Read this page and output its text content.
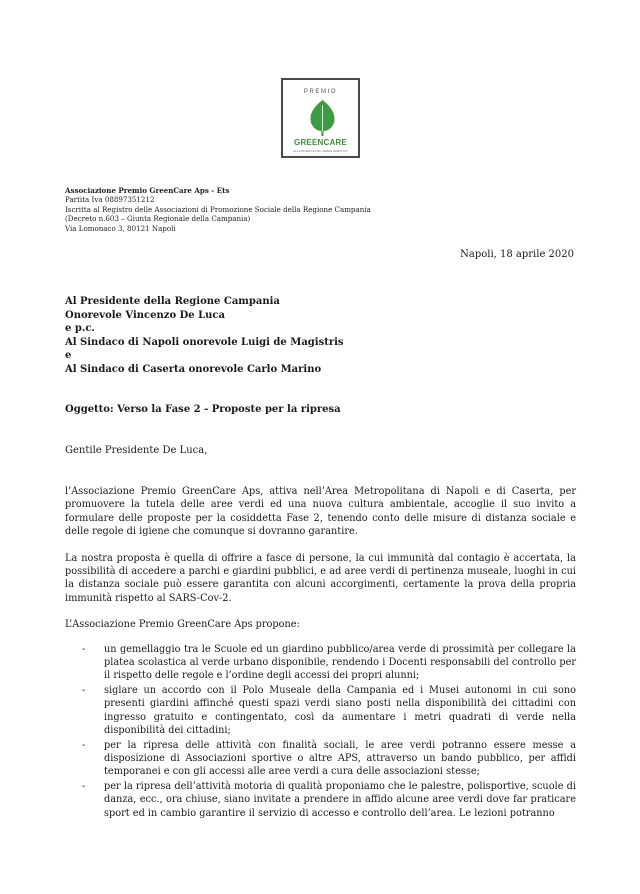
PREMIO
GREENCARE
ALLA RICERCA DEL VERDE PERDUTO
Associazione Premio GreenCare Aps - Ets
Partita Iva 08897351212
Iscritta al Registro delle Associazioni di Promozione Sociale della Regione Campania
(Decreto n.603 – Giunta Regionale della Campania)
Via Lomonaco 3, 80121 Napoli
Napoli, 18 aprile 2020
Al Presidente della Regione Campania
Onorevole Vincenzo De Luca
e p.c.
Al Sindaco di Napoli onorevole Luigi de Magistris
e
Al Sindaco di Caserta onorevole Carlo Marino
Oggetto: Verso la Fase 2 - Proposte per la ripresa
Gentile Presidente De Luca,

l’Associazione Premio GreenCare Aps, attiva nell’Area Metropolitana di Napoli e di Caserta, per promuovere la tutela delle aree verdi ed una nuova cultura ambientale, accoglie il suo invito a formulare delle proposte per la cosiddetta Fase 2, tenendo conto delle misure di distanza sociale e delle regole di igiene che comunque si dovranno garantire.

La nostra proposta è quella di offrire a fasce di persone, la cui immunità dal contagio è accertata, la possibilità di accedere a parchi e giardini pubblici, e ad aree verdi di pertinenza museale, luoghi in cui la distanza sociale può essere garantita con alcuni accorgimenti, certamente la prova della propria immunità rispetto al SARS-Cov-2.

L’Associazione Premio GreenCare Aps propone:

- un gemellaggio tra le Scuole ed un giardino pubblico/area verde di prossimità per collegare la platea scolastica al verde urbano disponibile, rendendo i Docenti responsabili del controllo per il rispetto delle regole e l’ordine degli accessi dei propri alunni;
- siglare un accordo con il Polo Museale della Campania ed i Musei autonomi in cui sono presenti giardini affinché questi spazi verdi siano posti nella disponibilità dei cittadini con ingresso gratuito e contingentato, così da aumentare i metri quadrati di verde nella disponibilità dei cittadini;
- per la ripresa delle attività con finalità sociali, le aree verdi potranno essere messe a disposizione di Associazioni sportive o altre APS, attraverso un bando pubblico, per affidi temporanei e con gli accessi alle aree verdi a cura delle associazioni stesse;
- per la ripresa dell’attività motoria di qualità proponiamo che le palestre, polisportive, scuole di danza, ecc., ora chiuse, siano invitate a prendere in affido alcune aree verdi dove far praticare sport ed in cambio garantire il servizio di accesso e controllo dell’area. Le lezioni potranno
